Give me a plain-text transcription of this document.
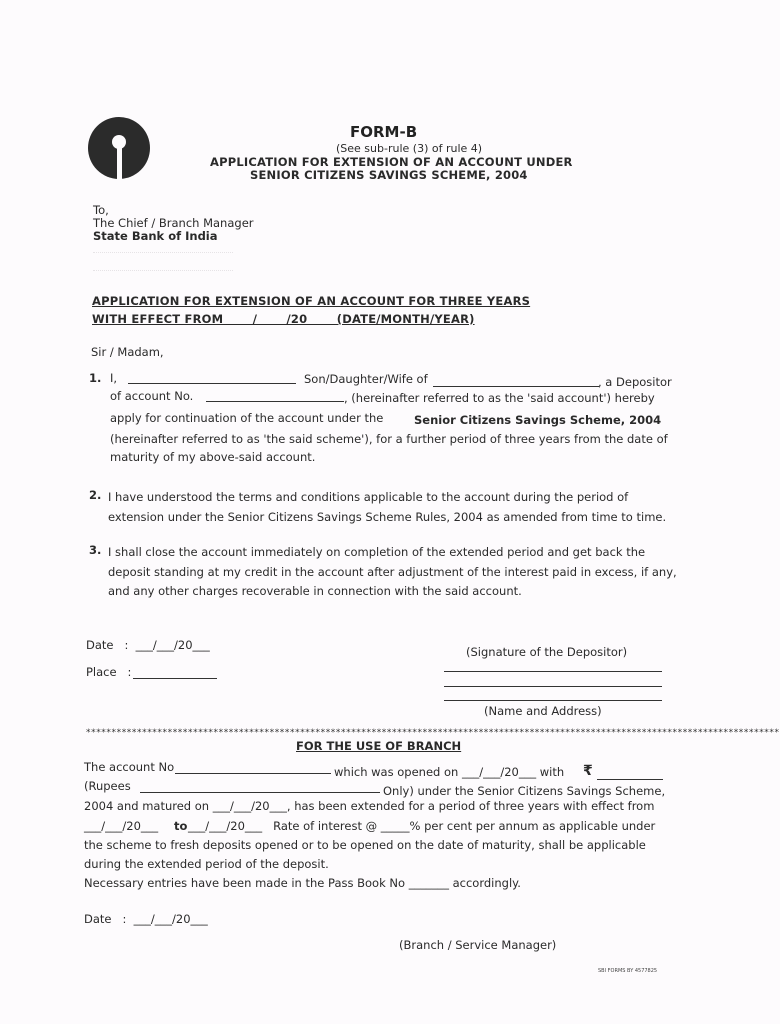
FORM-B
(See sub-rule (3) of rule 4)
APPLICATION FOR EXTENSION OF AN ACCOUNT UNDER
SENIOR CITIZENS SAVINGS SCHEME, 2004
To,
The Chief / Branch Manager
State Bank of India
APPLICATION FOR EXTENSION OF AN ACCOUNT FOR THREE YEARS
WITH EFFECT FROM       /       /20       (DATE/MONTH/YEAR)
Sir / Madam,
1. I,	Son/Daughter/Wife of	, a Depositor
of account No.	, (hereinafter referred to as the 'said account') hereby
apply for continuation of the account under the	Senior Citizens Savings Scheme, 2004
(hereinafter referred to as 'the said scheme'), for a further period of three years from the date of
maturity of my above-said account.
2. I have understood the terms and conditions applicable to the account during the period of
extension under the Senior Citizens Savings Scheme Rules, 2004 as amended from time to time.
3. I shall close the account immediately on completion of the extended period and get back the
deposit standing at my credit in the account after adjustment of the interest paid in excess, if any,
and any other charges recoverable in connection with the said account.
Date   :  ___/___/20___
Place   :
(Signature of the Depositor)
(Name and Address)
****************************************************************************************************************************************
FOR THE USE OF BRANCH
The account No	which was opened on ___/___/20___ with ₹
(Rupees	Only) under the Senior Citizens Savings Scheme,
2004 and matured on ___/___/20___, has been extended for a period of three years with effect from
___/___/20___ to ___/___/20___   Rate of interest @ _____% per cent per annum as applicable under
the scheme to fresh deposits opened or to be opened on the date of maturity, shall be applicable
during the extended period of the deposit.
Necessary entries have been made in the Pass Book No _______ accordingly.
Date   :  ___/___/20___
(Branch / Service Manager)
SBI FORMS BY 4577825
